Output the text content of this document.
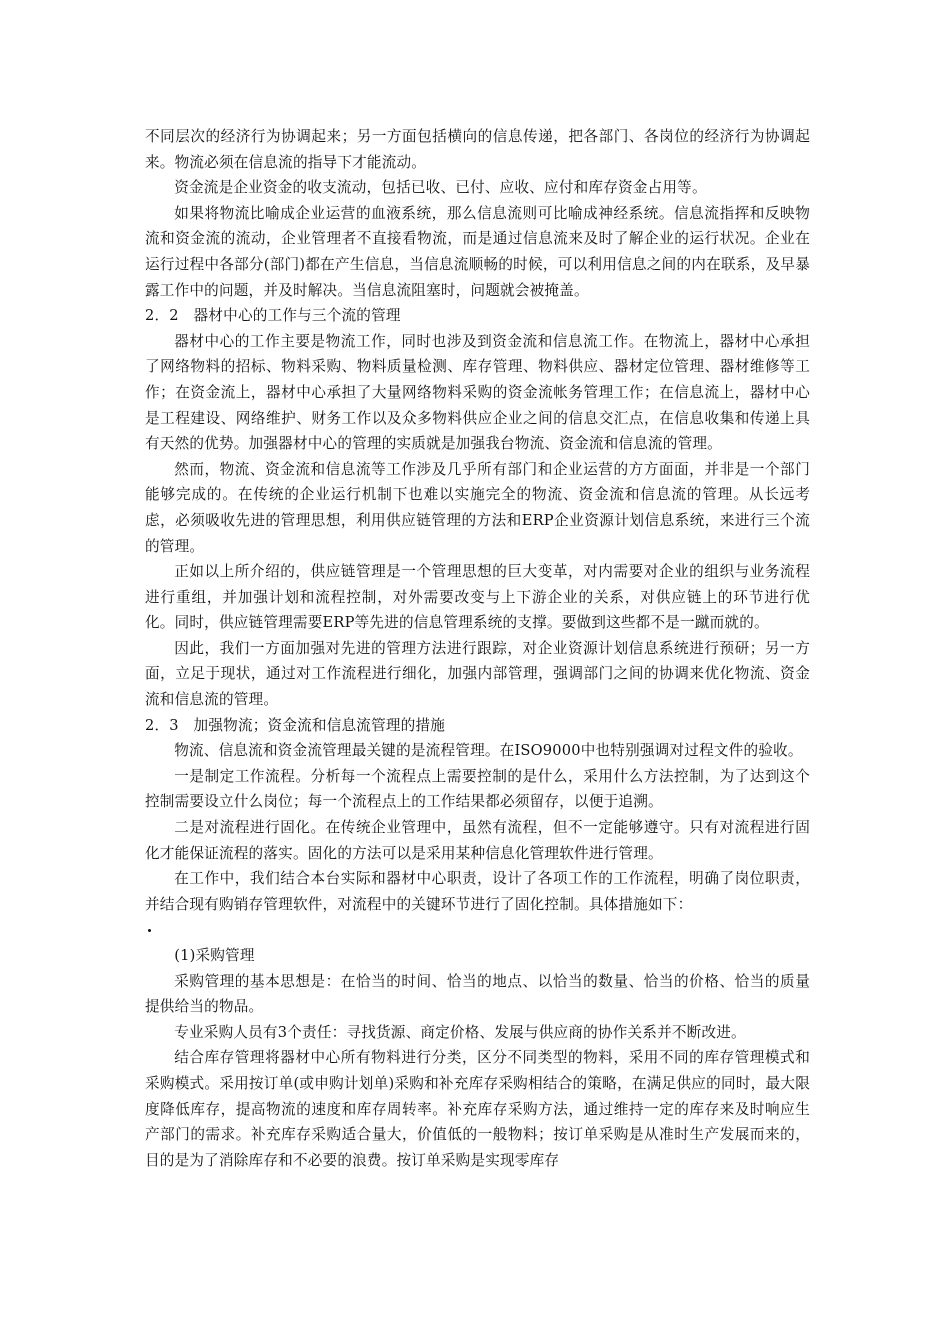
不同层次的经济行为协调起来；另一方面包括横向的信息传递，把各部门、各岗位的经济行为协调起来。物流必须在信息流的指导下才能流动。

资金流是企业资金的收支流动，包括已收、已付、应收、应付和库存资金占用等。

如果将物流比喻成企业运营的血液系统，那么信息流则可比喻成神经系统。信息流指挥和反映物流和资金流的流动，企业管理者不直接看物流，而是通过信息流来及时了解企业的运行状况。企业在运行过程中各部分(部门)都在产生信息，当信息流顺畅的时候，可以利用信息之间的内在联系，及早暴露工作中的问题，并及时解决。当信息流阻塞时，问题就会被掩盖。

2．2　器材中心的工作与三个流的管理

器材中心的工作主要是物流工作，同时也涉及到资金流和信息流工作。在物流上，器材中心承担了网络物料的招标、物料采购、物料质量检测、库存管理、物料供应、器材定位管理、器材维修等工作；在资金流上，器材中心承担了大量网络物料采购的资金流帐务管理工作；在信息流上，器材中心是工程建设、网络维护、财务工作以及众多物料供应企业之间的信息交汇点，在信息收集和传递上具有天然的优势。加强器材中心的管理的实质就是加强我台物流、资金流和信息流的管理。

然而，物流、资金流和信息流等工作涉及几乎所有部门和企业运营的方方面面，并非是一个部门能够完成的。在传统的企业运行机制下也难以实施完全的物流、资金流和信息流的管理。从长远考虑，必须吸收先进的管理思想，利用供应链管理的方法和ERP企业资源计划信息系统，来进行三个流的管理。

正如以上所介绍的，供应链管理是一个管理思想的巨大变革，对内需要对企业的组织与业务流程进行重组，并加强计划和流程控制，对外需要改变与上下游企业的关系，对供应链上的环节进行优化。同时，供应链管理需要ERP等先进的信息管理系统的支撑。要做到这些都不是一蹴而就的。

因此，我们一方面加强对先进的管理方法进行跟踪，对企业资源计划信息系统进行预研；另一方面，立足于现状，通过对工作流程进行细化，加强内部管理，强调部门之间的协调来优化物流、资金流和信息流的管理。

2．3　加强物流；资金流和信息流管理的措施

物流、信息流和资金流管理最关键的是流程管理。在ISO9000中也特别强调对过程文件的验收。

一是制定工作流程。分析每一个流程点上需要控制的是什么，采用什么方法控制，为了达到这个控制需要设立什么岗位；每一个流程点上的工作结果都必须留存，以便于追溯。

二是对流程进行固化。在传统企业管理中，虽然有流程，但不一定能够遵守。只有对流程进行固化才能保证流程的落实。固化的方法可以是采用某种信息化管理软件进行管理。

在工作中，我们结合本台实际和器材中心职责，设计了各项工作的工作流程，明确了岗位职责，并结合现有购销存管理软件，对流程中的关键环节进行了固化控制。具体措施如下：

(1)采购管理

采购管理的基本思想是：在恰当的时间、恰当的地点、以恰当的数量、恰当的价格、恰当的质量提供给当的物品。

专业采购人员有3个责任：寻找货源、商定价格、发展与供应商的协作关系并不断改进。

结合库存管理将器材中心所有物料进行分类，区分不同类型的物料，采用不同的库存管理模式和采购模式。采用按订单(或申购计划单)采购和补充库存采购相结合的策略，在满足供应的同时，最大限度降低库存，提高物流的速度和库存周转率。补充库存采购方法，通过维持一定的库存来及时响应生产部门的需求。补充库存采购适合量大，价值低的一般物料；按订单采购是从准时生产发展而来的，目的是为了消除库存和不必要的浪费。按订单采购是实现零库存
